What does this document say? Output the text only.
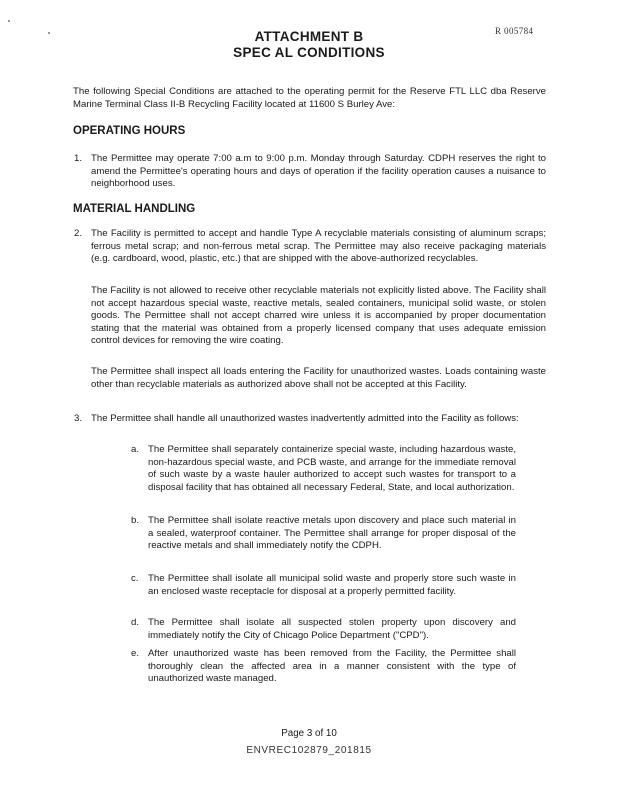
R 005784
ATTACHMENT B
SPEC AL CONDITIONS

The following Special Conditions are attached to the operating permit for the Reserve FTL LLC dba Reserve Marine Terminal Class II-B Recycling Facility located at 11600 S Burley Ave:

OPERATING HOURS
1. The Permittee may operate 7:00 a.m to 9:00 p.m. Monday through Saturday. CDPH reserves the right to amend the Permittee's operating hours and days of operation if the facility operation causes a nuisance to neighborhood uses.

MATERIAL HANDLING
2. The Facility is permitted to accept and handle Type A recyclable materials consisting of aluminum scraps; ferrous metal scrap; and non-ferrous metal scrap. The Permittee may also receive packaging materials (e.g. cardboard, wood, plastic, etc.) that are shipped with the above-authorized recyclables.

The Facility is not allowed to receive other recyclable materials not explicitly listed above. The Facility shall not accept hazardous special waste, reactive metals, sealed containers, municipal solid waste, or stolen goods. The Permittee shall not accept charred wire unless it is accompanied by proper documentation stating that the material was obtained from a properly licensed company that uses adequate emission control devices for removing the wire coating.

The Permittee shall inspect all loads entering the Facility for unauthorized wastes. Loads containing waste other than recyclable materials as authorized above shall not be accepted at this Facility.

3. The Permittee shall handle all unauthorized wastes inadvertently admitted into the Facility as follows:

a. The Permittee shall separately containerize special waste, including hazardous waste, non-hazardous special waste, and PCB waste, and arrange for the immediate removal of such waste by a waste hauler authorized to accept such wastes for transport to a disposal facility that has obtained all necessary Federal, State, and local authorization.

b. The Permittee shall isolate reactive metals upon discovery and place such material in a sealed, waterproof container. The Permittee shall arrange for proper disposal of the reactive metals and shall immediately notify the CDPH.

c. The Permittee shall isolate all municipal solid waste and properly store such waste in an enclosed waste receptacle for disposal at a properly permitted facility.

d. The Permittee shall isolate all suspected stolen property upon discovery and immediately notify the City of Chicago Police Department ("CPD").

e. After unauthorized waste has been removed from the Facility, the Permittee shall thoroughly clean the affected area in a manner consistent with the type of unauthorized waste managed.

Page 3 of 10
ENVREC102879_201815
